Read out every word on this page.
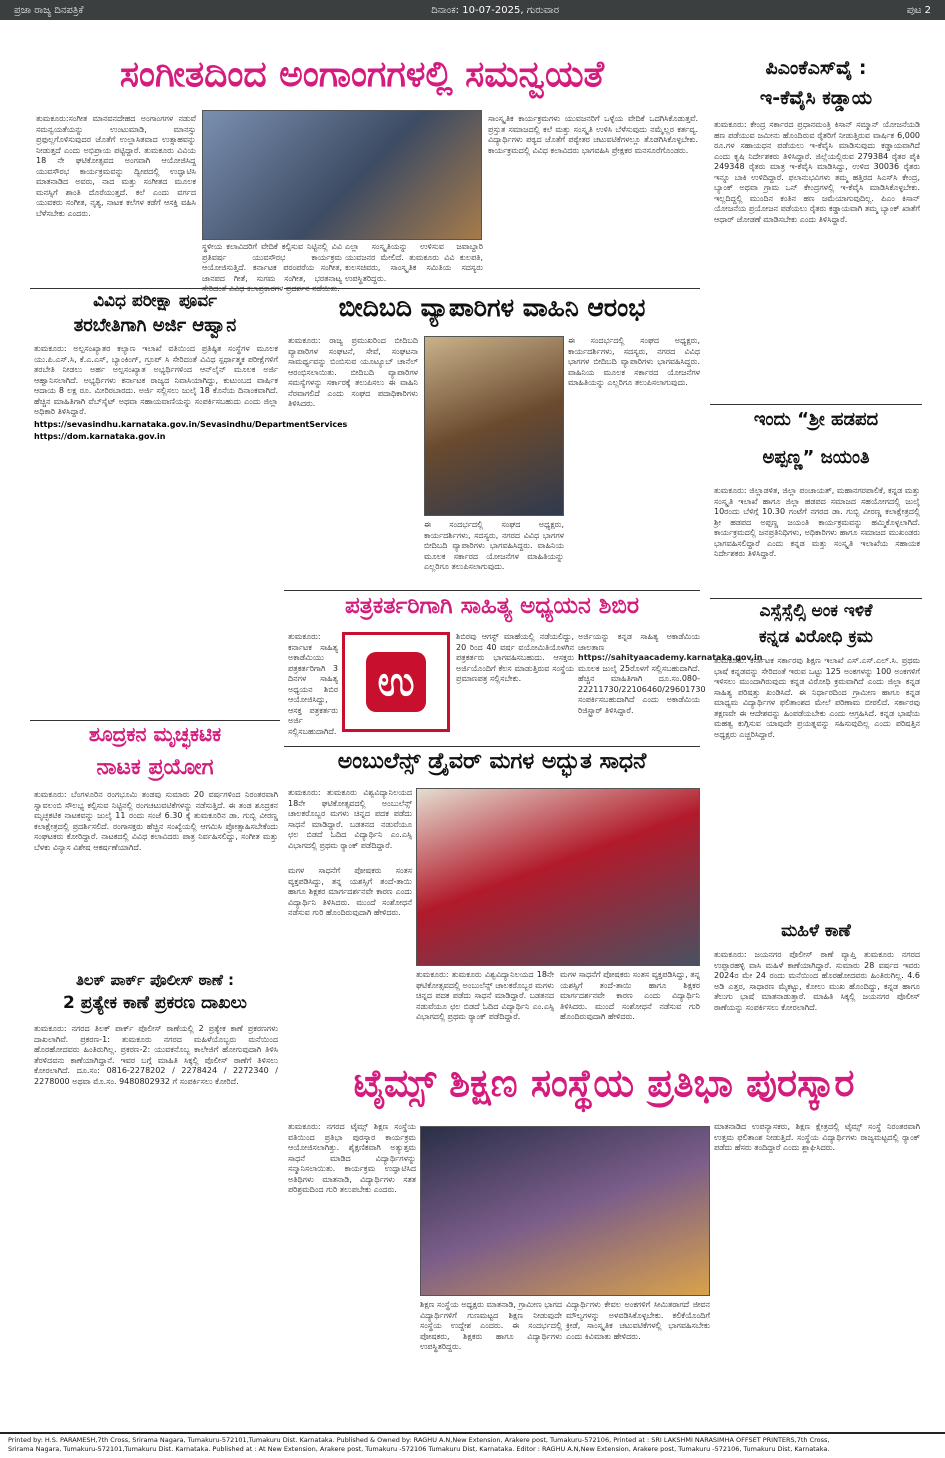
ಪ್ರಜಾ ರಾಜ್ಯ ದಿನಪತ್ರಿಕೆ	ದಿನಾಂಕ: 10-07-2025, ಗುರುವಾರ	ಪುಟ 2
ಸಂಗೀತದಿಂದ ಅಂಗಾಂಗಗಳಲ್ಲಿ ಸಮನ್ವಯತೆ
ತುಮಕೂರು:ಸಂಗೀತ ಮಾನವನದೇಹದ ಅಂಗಾಂಗಗಳ ನಡುವೆ ಸಮನ್ವಯತೆಯನ್ನು ಉಂಟುಮಾಡಿ, ಮಾನಸ್ಸು ಪ್ರಫುಲ್ಲಗೊಳಿಸುವುದರ ಜೊತೆಗೆ ಉಲ್ಲಾಸಿತವಾದ ಉತ್ಸಾಹವನ್ನು ನೀಡುತ್ತದೆ ಎಂದು ಅಭಿಪ್ರಾಯ ಪಟ್ಟಿದ್ದಾರೆ. ತುಮಕೂರು ವಿವಿಯ 18 ನೇ ಘಟಿಕೋತ್ಸವದ ಅಂಗವಾಗಿ ಆಯೋಜಿಸಿದ್ದ ಯುವಸೌರಭ ಕಾರ್ಯಕ್ರಮವನ್ನು ದ್ವೀಪದಲ್ಲಿ ಉದ್ಘಾಟಿಸಿ ಮಾತನಾಡಿದ ಅವರು, ನಾದ ಮತ್ತು ಸಂಗೀತದ ಮೂಲಕ ಮನಸ್ಸಿಗೆ ಶಾಂತಿ ದೊರೆಯುತ್ತದೆ. ಕಲೆ ಎಂದು ವರ್ಗದ ಯುವಕರು ಸಂಗೀತ, ನೃತ್ಯ, ನಾಟಕ ಕಲೆಗಳ ಕಡೆಗೆ ಆಸಕ್ತಿ ವಹಿಸಿ ಬೆಳೆಸಬೇಕು ಎಂದರು.
ಸ್ಥಳೀಯ ಕಲಾವಿದರಿಗೆ ವೇದಿಕೆ ಕಲ್ಪಿಸುವ ನಿಟ್ಟಿನಲ್ಲಿ ವಿವಿ ಪ್ರತಿವರ್ಷ ಯುವಸೌರಭ ಕಾರ್ಯಕ್ರಮ ಆಯೋಜಿಸುತ್ತಿದೆ. ಕರ್ನಾಟಕ ಪರಂಪರೆಯ ಸಂಗೀತ, ಜಾನಪದ ಗೀತೆ, ಸುಗಮ ಸಂಗೀತ, ಭರತನಾಟ್ಯ
ಎಲ್ಲಾ ಸಂಸ್ಕೃತಿಯನ್ನು ಉಳಿಸುವ ಜವಾಬ್ದಾರಿ ಯುವಜನರ ಮೇಲಿದೆ. ತುಮಕೂರು ವಿವಿ ಕುಲಪತಿ, ಕುಲಸಚಿವರು, ಸಾಂಸ್ಕೃತಿಕ ಸಮಿತಿಯ ಸದಸ್ಯರು ಉಪಸ್ಥಿತರಿದ್ದರು.
ಸಾಂಸ್ಕೃತಿಕ ಕಾರ್ಯಕ್ರಮಗಳು ಯುವಜನರಿಗೆ ಒಳ್ಳೆಯ ವೇದಿಕೆ ಒದಗಿಸಿಕೊಡುತ್ತವೆ. ಪ್ರಸ್ತುತ ಸಮಾಜದಲ್ಲಿ ಕಲೆ ಮತ್ತು ಸಂಸ್ಕೃತಿ ಉಳಿಸಿ ಬೆಳೆಸುವುದು ನಮ್ಮೆಲ್ಲರ ಕರ್ತವ್ಯ. ವಿದ್ಯಾರ್ಥಿಗಳು ಪಠ್ಯದ ಜೊತೆಗೆ ಪಠ್ಯೇತರ ಚಟುವಟಿಕೆಗಳಲ್ಲೂ ತೊಡಗಿಸಿಕೊಳ್ಳಬೇಕು. ಕಾರ್ಯಕ್ರಮದಲ್ಲಿ ವಿವಿಧ ಕಲಾವಿದರು ಭಾಗವಹಿಸಿ ಪ್ರೇಕ್ಷಕರ ಮನಸೂರೆಗೊಂಡರು.
ವಿವಿಧ ಪರೀಕ್ಷಾ ಪೂರ್ವ
ತರಬೇತಿಗಾಗಿ ಅರ್ಜಿ ಆಹ್ವಾನ

ತುಮಕೂರು: ಅಲ್ಪಸಂಖ್ಯಾತರ ಕಲ್ಯಾಣ ಇಲಾಖೆ ವತಿಯಿಂದ ಪ್ರತಿಷ್ಠಿತ ಸಂಸ್ಥೆಗಳ ಮೂಲಕ ಯು.ಪಿ.ಎಸ್.ಸಿ, ಕೆ.ಎ.ಎಸ್, ಬ್ಯಾಂಕಿಂಗ್, ಗ್ರೂಪ್ ಸಿ ಸೇರಿದಂತೆ ವಿವಿಧ ಸ್ಪರ್ಧಾತ್ಮಕ ಪರೀಕ್ಷೆಗಳಿಗೆ ತರಬೇತಿ ನೀಡಲು ಅರ್ಹ ಅಲ್ಪಸಂಖ್ಯಾತ ಅಭ್ಯರ್ಥಿಗಳಿಂದ ಆನ್‌ಲೈನ್ ಮೂಲಕ ಅರ್ಜಿ ಆಹ್ವಾನಿಸಲಾಗಿದೆ. ಅಭ್ಯರ್ಥಿಗಳು ಕರ್ನಾಟಕ ರಾಜ್ಯದ ನಿವಾಸಿಯಾಗಿದ್ದು, ಕುಟುಂಬದ ವಾರ್ಷಿಕ ಆದಾಯ 8 ಲಕ್ಷ ರೂ. ಮೀರಿರಬಾರದು. ಅರ್ಜಿ ಸಲ್ಲಿಸಲು ಜುಲೈ 18 ಕೊನೆಯ ದಿನಾಂಕವಾಗಿದೆ. ಹೆಚ್ಚಿನ ಮಾಹಿತಿಗಾಗಿ ವೆಬ್‌ಸೈಟ್ ಅಥವಾ ಸಹಾಯವಾಣಿಯನ್ನು ಸಂಪರ್ಕಿಸಬಹುದು ಎಂದು ಜಿಲ್ಲಾ ಅಧಿಕಾರಿ ತಿಳಿಸಿದ್ದಾರೆ.

https://sevasindhu.karnataka.gov.in/Sevasindhu/DepartmentServices

https://dom.karnataka.gov.in

ಶೂದ್ರಕನ ಮೃಚ್ಛಕಟಿಕ
ನಾಟಕ ಪ್ರಯೋಗ
ತುಮಕೂರು: ಬೆಂಗಳೂರಿನ ರಂಗಭೂಮಿ ತಂಡವು ಸುಮಾರು 20 ವರ್ಷಗಳಿಂದ ನಿರಂತರವಾಗಿ ಸ್ವಾವಲಂಬಿ ಸೌಲಭ್ಯ ಕಲ್ಪಿಸುವ ನಿಟ್ಟಿನಲ್ಲಿ ರಂಗಚಟುವಟಿಕೆಗಳನ್ನು ನಡೆಸುತ್ತಿದೆ. ಈ ತಂಡ ಶೂದ್ರಕನ ಮೃಚ್ಛಕಟಿಕ ನಾಟಕವನ್ನು ಜುಲೈ 11 ರಂದು ಸಂಜೆ 6.30 ಕ್ಕೆ ತುಮಕೂರಿನ ಡಾ. ಗುಬ್ಬಿ ವೀರಣ್ಣ ಕಲಾಕ್ಷೇತ್ರದಲ್ಲಿ ಪ್ರದರ್ಶಿಸಲಿದೆ. ರಂಗಾಸಕ್ತರು ಹೆಚ್ಚಿನ ಸಂಖ್ಯೆಯಲ್ಲಿ ಆಗಮಿಸಿ ಪ್ರೋತ್ಸಾಹಿಸಬೇಕೆಂದು ಸಂಘಟಕರು ಕೋರಿದ್ದಾರೆ. ನಾಟಕದಲ್ಲಿ ವಿವಿಧ ಕಲಾವಿದರು ಪಾತ್ರ ನಿರ್ವಹಿಸಲಿದ್ದು, ಸಂಗೀತ ಮತ್ತು ಬೆಳಕು ವಿನ್ಯಾಸ ವಿಶೇಷ ಆಕರ್ಷಣೆಯಾಗಿದೆ.
ತಿಲಕ್ ಪಾರ್ಕ್ ಪೊಲೀಸ್ ಠಾಣೆ :
2 ಪ್ರತ್ಯೇಕ ಕಾಣೆ ಪ್ರಕರಣ ದಾಖಲು
ತುಮಕೂರು: ನಗರದ ತಿಲಕ್ ಪಾರ್ಕ್ ಪೊಲೀಸ್ ಠಾಣೆಯಲ್ಲಿ 2 ಪ್ರತ್ಯೇಕ ಕಾಣೆ ಪ್ರಕರಣಗಳು ದಾಖಲಾಗಿವೆ. ಪ್ರಕರಣ-1: ತುಮಕೂರು ನಗರದ ಮಹಿಳೆಯೊಬ್ಬರು ಮನೆಯಿಂದ ಹೊರಹೋದವರು ಹಿಂತಿರುಗಿಲ್ಲ. ಪ್ರಕರಣ-2: ಯುವಕನೊಬ್ಬ ಕಾಲೇಜಿಗೆ ಹೋಗುವುದಾಗಿ ತಿಳಿಸಿ ತೆರಳಿದವನು ಕಾಣೆಯಾಗಿದ್ದಾನೆ. ಇವರ ಬಗ್ಗೆ ಮಾಹಿತಿ ಸಿಕ್ಕಲ್ಲಿ ಪೊಲೀಸ್ ಠಾಣೆಗೆ ತಿಳಿಸಲು ಕೋರಲಾಗಿದೆ. ದೂ.ಸಂ: 0816-2278202 / 2278424 / 2272340 / 2278000 ಅಥವಾ ಮೊ.ಸಂ. 9480802932 ಗೆ ಸಂಪರ್ಕಿಸಲು ಕೋರಿದೆ.
ಬೀದಿಬದಿ ವ್ಯಾಪಾರಿಗಳ ವಾಹಿನಿ ಆರಂಭ
ತುಮಕೂರು: ರಾಜ್ಯ ಪ್ರಮುಖರಿಂದ ಬೀದಿಬದಿ ವ್ಯಾಪಾರಿಗಳ ಸಂಘಟನೆ, ಸೇವೆ, ಸಂಘಟನಾ ಸಾಮರ್ಥ್ಯವನ್ನು ಬಿಂಬಿಸುವ ಯೂಟ್ಯೂಬ್ ಚಾನೆಲ್ ಆರಂಭಿಸಲಾಯಿತು. ಬೀದಿಬದಿ ವ್ಯಾಪಾರಿಗಳ ಸಮಸ್ಯೆಗಳನ್ನು ಸರ್ಕಾರಕ್ಕೆ ತಲುಪಿಸಲು ಈ ವಾಹಿನಿ ನೆರವಾಗಲಿದೆ ಎಂದು ಸಂಘದ ಪದಾಧಿಕಾರಿಗಳು ತಿಳಿಸಿದರು.
ಈ ಸಂದರ್ಭದಲ್ಲಿ ಸಂಘದ ಅಧ್ಯಕ್ಷರು, ಕಾರ್ಯದರ್ಶಿಗಳು, ಸದಸ್ಯರು, ನಗರದ ವಿವಿಧ ಭಾಗಗಳ ಬೀದಿಬದಿ ವ್ಯಾಪಾರಿಗಳು ಭಾಗವಹಿಸಿದ್ದರು. ವಾಹಿನಿಯ ಮೂಲಕ ಸರ್ಕಾರದ ಯೋಜನೆಗಳ ಮಾಹಿತಿಯನ್ನು ಎಲ್ಲರಿಗೂ ತಲುಪಿಸಲಾಗುವುದು.
ಈ ಸಂದರ್ಭದಲ್ಲಿ ಸಂಘದ ಅಧ್ಯಕ್ಷರು, ಕಾರ್ಯದರ್ಶಿಗಳು, ಸದಸ್ಯರು, ನಗರದ ವಿವಿಧ ಭಾಗಗಳ ಬೀದಿಬದಿ ವ್ಯಾಪಾರಿಗಳು ಭಾಗವಹಿಸಿದ್ದರು. ವಾಹಿನಿಯ ಮೂಲಕ ಸರ್ಕಾರದ ಯೋಜನೆಗಳ ಮಾಹಿತಿಯನ್ನು ಎಲ್ಲರಿಗೂ ತಲುಪಿಸಲಾಗುವುದು.
ಪತ್ರಕರ್ತರಿಗಾಗಿ ಸಾಹಿತ್ಯ ಅಧ್ಯಯನ ಶಿಬಿರ
ಉ
ತುಮಕೂರು: ಕರ್ನಾಟಕ ಸಾಹಿತ್ಯ ಅಕಾಡೆಮಿಯು ಪತ್ರಕರ್ತರಿಗಾಗಿ 3 ದಿನಗಳ ಸಾಹಿತ್ಯ ಅಧ್ಯಯನ ಶಿಬಿರ ಆಯೋಜಿಸಿದ್ದು, ಆಸಕ್ತ ಪತ್ರಕರ್ತರು ಅರ್ಜಿ ಸಲ್ಲಿಸಬಹುದಾಗಿದೆ.
ಶಿಬಿರವು ಆಗಸ್ಟ್ ಮಾಹೆಯಲ್ಲಿ ನಡೆಯಲಿದ್ದು, 20 ರಿಂದ 40 ವರ್ಷ ವಯೋಮಿತಿಯೊಳಗಿನ ಪತ್ರಕರ್ತರು ಭಾಗವಹಿಸಬಹುದು. ಆಸಕ್ತರು ಅರ್ಜಿಯೊಂದಿಗೆ ಕೆಲಸ ಮಾಡುತ್ತಿರುವ ಸಂಸ್ಥೆಯ ಪ್ರಮಾಣಪತ್ರ ಸಲ್ಲಿಸಬೇಕು.
ಅರ್ಜಿಯನ್ನು ಕನ್ನಡ ಸಾಹಿತ್ಯ ಅಕಾಡೆಮಿಯ ಜಾಲತಾಣ https://sahityaacademy.karnataka.gov.in ಮೂಲಕ ಜುಲೈ 25ರೊಳಗೆ ಸಲ್ಲಿಸಬಹುದಾಗಿದೆ. ಹೆಚ್ಚಿನ ಮಾಹಿತಿಗಾಗಿ ದೂ.ಸಂ.080-22211730/22106460/29601730 ಸಂಪರ್ಕಿಸಬಹುದಾಗಿದೆ ಎಂದು ಅಕಾಡೆಮಿಯ ರಿಜಿಸ್ಟ್ರಾರ್ ತಿಳಿಸಿದ್ದಾರೆ.
ಅಂಬುಲೆನ್ಸ್ ಡ್ರೈವರ್ ಮಗಳ ಅದ್ಭುತ ಸಾಧನೆ
ತುಮಕೂರು: ತುಮಕೂರು ವಿಶ್ವವಿದ್ಯಾನಿಲಯದ 18ನೇ ಘಟಿಕೋತ್ಸವದಲ್ಲಿ ಅಂಬುಲೆನ್ಸ್ ಚಾಲಕರೊಬ್ಬರ ಮಗಳು ಚಿನ್ನದ ಪದಕ ಪಡೆದು ಸಾಧನೆ ಮಾಡಿದ್ದಾರೆ. ಬಡತನದ ನಡುವೆಯೂ ಛಲ ಬಿಡದೆ ಓದಿದ ವಿದ್ಯಾರ್ಥಿನಿ ಎಂ.ಎಸ್ಸಿ ವಿಭಾಗದಲ್ಲಿ ಪ್ರಥಮ ರ್‍ಯಾಂಕ್ ಪಡೆದಿದ್ದಾರೆ.
ಮಗಳ ಸಾಧನೆಗೆ ಪೋಷಕರು ಸಂತಸ ವ್ಯಕ್ತಪಡಿಸಿದ್ದು, ತನ್ನ ಯಶಸ್ಸಿಗೆ ತಂದೆ-ತಾಯಿ ಹಾಗೂ ಶಿಕ್ಷಕರ ಮಾರ್ಗದರ್ಶನವೇ ಕಾರಣ ಎಂದು ವಿದ್ಯಾರ್ಥಿನಿ ತಿಳಿಸಿದರು. ಮುಂದೆ ಸಂಶೋಧನೆ ನಡೆಸುವ ಗುರಿ ಹೊಂದಿರುವುದಾಗಿ ಹೇಳಿದರು.
ತುಮಕೂರು: ತುಮಕೂರು ವಿಶ್ವವಿದ್ಯಾನಿಲಯದ 18ನೇ ಘಟಿಕೋತ್ಸವದಲ್ಲಿ ಅಂಬುಲೆನ್ಸ್ ಚಾಲಕರೊಬ್ಬರ ಮಗಳು ಚಿನ್ನದ ಪದಕ ಪಡೆದು ಸಾಧನೆ ಮಾಡಿದ್ದಾರೆ. ಬಡತನದ ನಡುವೆಯೂ ಛಲ ಬಿಡದೆ ಓದಿದ ವಿದ್ಯಾರ್ಥಿನಿ ಎಂ.ಎಸ್ಸಿ ವಿಭಾಗದಲ್ಲಿ ಪ್ರಥಮ ರ್‍ಯಾಂಕ್ ಪಡೆದಿದ್ದಾರೆ.
ಮಗಳ ಸಾಧನೆಗೆ ಪೋಷಕರು ಸಂತಸ ವ್ಯಕ್ತಪಡಿಸಿದ್ದು, ತನ್ನ ಯಶಸ್ಸಿಗೆ ತಂದೆ-ತಾಯಿ ಹಾಗೂ ಶಿಕ್ಷಕರ ಮಾರ್ಗದರ್ಶನವೇ ಕಾರಣ ಎಂದು ವಿದ್ಯಾರ್ಥಿನಿ ತಿಳಿಸಿದರು. ಮುಂದೆ ಸಂಶೋಧನೆ ನಡೆಸುವ ಗುರಿ ಹೊಂದಿರುವುದಾಗಿ ಹೇಳಿದರು.
ಪಿಎಂಕೆಎಸ್‌ವೈ :
ಇ-ಕೆವೈಸಿ ಕಡ್ಡಾಯ
ತುಮಕೂರು: ಕೇಂದ್ರ ಸರ್ಕಾರದ ಪ್ರಧಾನಮಂತ್ರಿ ಕಿಸಾನ್ ಸಮ್ಮಾನ್ ಯೋಜನೆಯಡಿ ಹಣ ಪಡೆಯುವ ಜಮೀನು ಹೊಂದಿರುವ ರೈತರಿಗೆ ನೀಡುತ್ತಿರುವ ವಾರ್ಷಿಕ 6,000 ರೂ.ಗಳ ಸಹಾಯಧನ ಪಡೆಯಲು ಇ-ಕೆವೈಸಿ ಮಾಡಿಸುವುದು ಕಡ್ಡಾಯವಾಗಿದೆ ಎಂದು ಕೃಷಿ ನಿರ್ದೇಶಕರು ತಿಳಿಸಿದ್ದಾರೆ. ಜಿಲ್ಲೆಯಲ್ಲಿರುವ 279384 ರೈತರ ಪೈಕಿ 249348 ರೈತರು ಮಾತ್ರ ಇ-ಕೆವೈಸಿ ಮಾಡಿಸಿದ್ದು, ಉಳಿದ 30036 ರೈತರು ಇನ್ನೂ ಬಾಕಿ ಉಳಿದಿದ್ದಾರೆ. ಫಲಾನುಭವಿಗಳು ತಮ್ಮ ಹತ್ತಿರದ ಸಿಎಸ್‌ಸಿ ಕೇಂದ್ರ, ಬ್ಯಾಂಕ್ ಅಥವಾ ಗ್ರಾಮ ಒನ್ ಕೇಂದ್ರಗಳಲ್ಲಿ ಇ-ಕೆವೈಸಿ ಮಾಡಿಸಿಕೊಳ್ಳಬೇಕು. ಇಲ್ಲದಿದ್ದಲ್ಲಿ ಮುಂದಿನ ಕಂತಿನ ಹಣ ಜಮೆಯಾಗುವುದಿಲ್ಲ. ಪಿಎಂ ಕಿಸಾನ್ ಯೋಜನೆಯ ಪ್ರಯೋಜನ ಪಡೆಯಲು ರೈತರು ಕಡ್ಡಾಯವಾಗಿ ತಮ್ಮ ಬ್ಯಾಂಕ್ ಖಾತೆಗೆ ಆಧಾರ್ ಜೋಡಣೆ ಮಾಡಿಸಬೇಕು ಎಂದು ತಿಳಿಸಿದ್ದಾರೆ.
ಇಂದು “ಶ್ರೀ ಹಡಪದ
ಅಪ್ಪಣ್ಣ” ಜಯಂತಿ
ತುಮಕೂರು: ಜಿಲ್ಲಾಡಳಿತ, ಜಿಲ್ಲಾ ಪಂಚಾಯತ್, ಮಹಾನಗರಪಾಲಿಕೆ, ಕನ್ನಡ ಮತ್ತು ಸಂಸ್ಕೃತಿ ಇಲಾಖೆ ಹಾಗೂ ಜಿಲ್ಲಾ ಹಡಪದ ಸಮಾಜದ ಸಹಯೋಗದಲ್ಲಿ ಜುಲೈ 10ರಂದು ಬೆಳಿಗ್ಗೆ 10.30 ಗಂಟೆಗೆ ನಗರದ ಡಾ. ಗುಬ್ಬಿ ವೀರಣ್ಣ ಕಲಾಕ್ಷೇತ್ರದಲ್ಲಿ ಶ್ರೀ ಹಡಪದ ಅಪ್ಪಣ್ಣ ಜಯಂತಿ ಕಾರ್ಯಕ್ರಮವನ್ನು ಹಮ್ಮಿಕೊಳ್ಳಲಾಗಿದೆ. ಕಾರ್ಯಕ್ರಮದಲ್ಲಿ ಜನಪ್ರತಿನಿಧಿಗಳು, ಅಧಿಕಾರಿಗಳು ಹಾಗೂ ಸಮಾಜದ ಮುಖಂಡರು ಭಾಗವಹಿಸಲಿದ್ದಾರೆ ಎಂದು ಕನ್ನಡ ಮತ್ತು ಸಂಸ್ಕೃತಿ ಇಲಾಖೆಯ ಸಹಾಯಕ ನಿರ್ದೇಶಕರು ತಿಳಿಸಿದ್ದಾರೆ.
ಎಸ್ಸೆಸ್ಸೆಲ್ಸಿ ಅಂಕ ಇಳಿಕೆ
ಕನ್ನಡ ವಿರೋಧಿ ಕ್ರಮ
ತುಮಕೂರು: ಕರ್ನಾಟಕ ಸರ್ಕಾರವು ಶಿಕ್ಷಣ ಇಲಾಖೆ ಎಸ್.ಎಸ್.ಎಲ್.ಸಿ. ಪ್ರಥಮ ಭಾಷೆ ಕನ್ನಡವನ್ನು ಸೇರಿದಂತೆ ಇರುವ ಒಟ್ಟು 125 ಅಂಕಗಳನ್ನು 100 ಅಂಕಗಳಿಗೆ ಇಳಿಸಲು ಮುಂದಾಗಿರುವುದು ಕನ್ನಡ ವಿರೋಧಿ ಕ್ರಮವಾಗಿದೆ ಎಂದು ಜಿಲ್ಲಾ ಕನ್ನಡ ಸಾಹಿತ್ಯ ಪರಿಷತ್ತು ಖಂಡಿಸಿದೆ. ಈ ನಿರ್ಧಾರದಿಂದ ಗ್ರಾಮೀಣ ಹಾಗೂ ಕನ್ನಡ ಮಾಧ್ಯಮ ವಿದ್ಯಾರ್ಥಿಗಳ ಫಲಿತಾಂಶದ ಮೇಲೆ ಪರಿಣಾಮ ಬೀರಲಿದೆ. ಸರ್ಕಾರವು ತಕ್ಷಣವೇ ಈ ಆದೇಶವನ್ನು ಹಿಂಪಡೆಯಬೇಕು ಎಂದು ಆಗ್ರಹಿಸಿದೆ. ಕನ್ನಡ ಭಾಷೆಯ ಮಹತ್ವ ಕುಗ್ಗಿಸುವ ಯಾವುದೇ ಪ್ರಯತ್ನವನ್ನು ಸಹಿಸುವುದಿಲ್ಲ ಎಂದು ಪರಿಷತ್ತಿನ ಅಧ್ಯಕ್ಷರು ಎಚ್ಚರಿಸಿದ್ದಾರೆ.
ಮಹಿಳೆ ಕಾಣೆ
ತುಮಕೂರು: ಜಯನಗರ ಪೊಲೀಸ್ ಠಾಣೆ ವ್ಯಾಪ್ತಿ ತುಮಕೂರು ನಗರದ ಉಪ್ಪಾರಹಳ್ಳಿ ವಾಸಿ ಮಹಿಳೆ ಕಾಣೆಯಾಗಿದ್ದಾರೆ. ಸುಮಾರು 28 ವರ್ಷದ ಇವರು 2024ರ ಮೇ 24 ರಂದು ಮನೆಯಿಂದ ಹೊರಹೋದವರು ಹಿಂತಿರುಗಿಲ್ಲ. 4.6 ಅಡಿ ಎತ್ತರ, ಸಾಧಾರಣ ಮೈಕಟ್ಟು, ಕೋಲು ಮುಖ ಹೊಂದಿದ್ದು, ಕನ್ನಡ ಹಾಗೂ ತೆಲುಗು ಭಾಷೆ ಮಾತನಾಡುತ್ತಾರೆ. ಮಾಹಿತಿ ಸಿಕ್ಕಲ್ಲಿ ಜಯನಗರ ಪೊಲೀಸ್ ಠಾಣೆಯನ್ನು ಸಂಪರ್ಕಿಸಲು ಕೋರಲಾಗಿದೆ.
ಟೈಮ್ಸ್ ಶಿಕ್ಷಣ ಸಂಸ್ಥೆಯ ಪ್ರತಿಭಾ ಪುರಸ್ಕಾರ
ತುಮಕೂರು: ನಗರದ ಟೈಮ್ಸ್ ಶಿಕ್ಷಣ ಸಂಸ್ಥೆಯ ವತಿಯಿಂದ ಪ್ರತಿಭಾ ಪುರಸ್ಕಾರ ಕಾರ್ಯಕ್ರಮ ಆಯೋಜಿಸಲಾಗಿತ್ತು. ಶೈಕ್ಷಣಿಕವಾಗಿ ಅತ್ಯುತ್ತಮ ಸಾಧನೆ ಮಾಡಿದ ವಿದ್ಯಾರ್ಥಿಗಳನ್ನು ಸನ್ಮಾನಿಸಲಾಯಿತು. ಕಾರ್ಯಕ್ರಮ ಉದ್ಘಾಟಿಸಿದ ಅತಿಥಿಗಳು ಮಾತನಾಡಿ, ವಿದ್ಯಾರ್ಥಿಗಳು ಸತತ ಪರಿಶ್ರಮದಿಂದ ಗುರಿ ತಲುಪಬೇಕು ಎಂದರು.
ಶಿಕ್ಷಣ ಸಂಸ್ಥೆಯ ಅಧ್ಯಕ್ಷರು ಮಾತನಾಡಿ, ಗ್ರಾಮೀಣ ಭಾಗದ ವಿದ್ಯಾರ್ಥಿಗಳಿಗೆ ಗುಣಮಟ್ಟದ ಶಿಕ್ಷಣ ನೀಡುವುದೇ ಸಂಸ್ಥೆಯ ಉದ್ದೇಶ ಎಂದರು. ಈ ಸಂದರ್ಭದಲ್ಲಿ ಪೋಷಕರು, ಶಿಕ್ಷಕರು ಹಾಗೂ ವಿದ್ಯಾರ್ಥಿಗಳು ಉಪಸ್ಥಿತರಿದ್ದರು.
ವಿದ್ಯಾರ್ಥಿಗಳು ಕೇವಲ ಅಂಕಗಳಿಗೆ ಸೀಮಿತರಾಗದೆ ಜೀವನ ಮೌಲ್ಯಗಳನ್ನು ಅಳವಡಿಸಿಕೊಳ್ಳಬೇಕು. ಕಲಿಕೆಯೊಂದಿಗೆ ಕ್ರೀಡೆ, ಸಾಂಸ್ಕೃತಿಕ ಚಟುವಟಿಕೆಗಳಲ್ಲಿ ಭಾಗವಹಿಸಬೇಕು ಎಂದು ಕಿವಿಮಾತು ಹೇಳಿದರು.
ಮಾತನಾಡಿದ ಉಪನ್ಯಾಸಕರು, ಶಿಕ್ಷಣ ಕ್ಷೇತ್ರದಲ್ಲಿ ಟೈಮ್ಸ್ ಸಂಸ್ಥೆ ನಿರಂತರವಾಗಿ ಉತ್ತಮ ಫಲಿತಾಂಶ ನೀಡುತ್ತಿದೆ. ಸಂಸ್ಥೆಯ ವಿದ್ಯಾರ್ಥಿಗಳು ರಾಜ್ಯಮಟ್ಟದಲ್ಲಿ ರ್‍ಯಾಂಕ್ ಪಡೆದು ಹೆಸರು ತಂದಿದ್ದಾರೆ ಎಂದು ಶ್ಲಾಘಿಸಿದರು.
Printed by: H.S. PARAMESH,7th Cross, Srirama Nagara, Tumakuru-572101,Tumakuru Dist. Karnataka. Published & Owned by: RAGHU A.N,New Extension, Arakere post, Tumakuru-572106, Printed at : SRI LAKSHMI NARASIMHA OFFSET PRINTERS,7th Cross,
Srirama Nagara, Tumakuru-572101,Tumakuru Dist. Karnataka. Published at : At New Extension, Arakere post, Tumakuru -572106 Tumakuru Dist, Karnataka. Editor : RAGHU A.N,New Extension, Arakere post, Tumakuru -572106, Tumakuru Dist, Karnataka.
